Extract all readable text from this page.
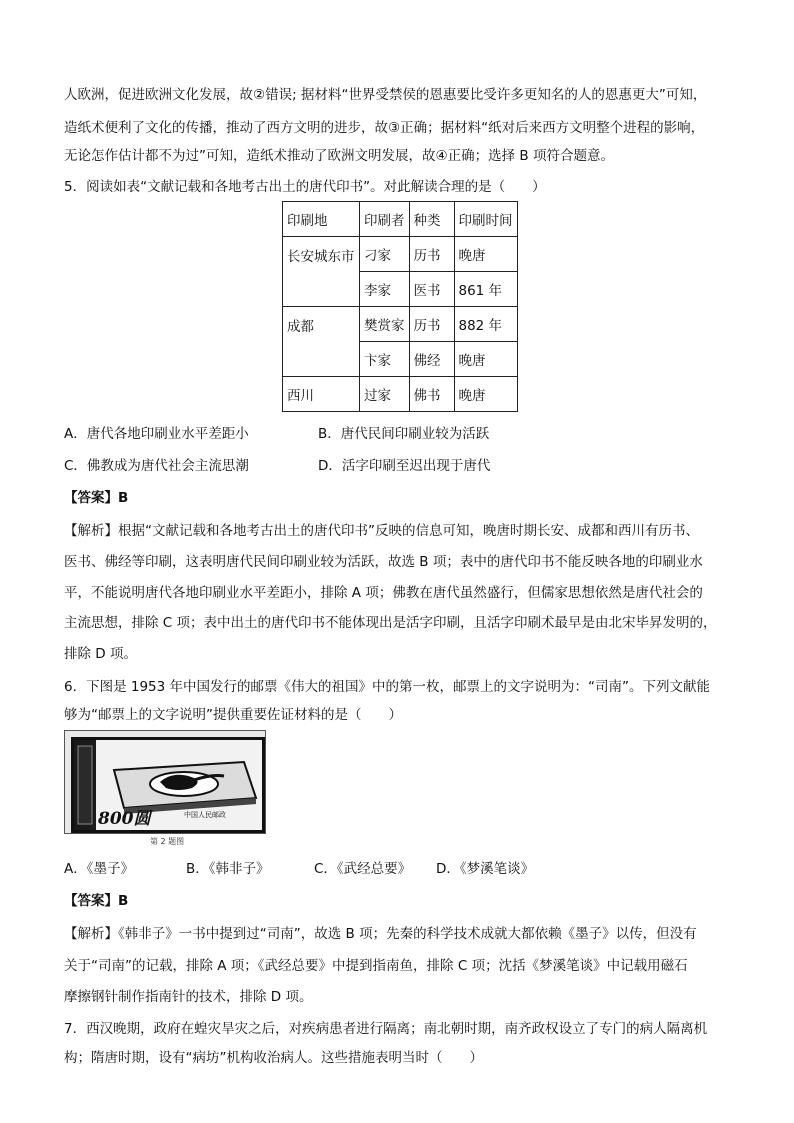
人欧洲，促进欧洲文化发展，故②错误; 据材料“世界受禁侯的恩惠要比受许多更知名的人的恩惠更大”可知，
造纸术便利了文化的传播，推动了西方文明的进步，故③正确；据材料“纸对后来西方文明整个进程的影响，
无论怎作估计都不为过”可知，造纸术推动了欧洲文明发展，故④正确；选择 B 项符合题意。
5．阅读如表“文献记载和各地考古出土的唐代印书”。对此解读合理的是（　　）
印刷地	印刷者	种类	印刷时间
长安城东市	刁家	历书	晚唐
	李家	医书	861 年
成都	樊赏家	历书	882 年
	卞家	佛经	晚唐
西川	过家	佛书	晚唐
A．唐代各地印刷业水平差距小	B．唐代民间印刷业较为活跃
C．佛教成为唐代社会主流思潮	D．活字印刷至迟出现于唐代
【答案】B
【解析】根据“文献记载和各地考古出土的唐代印书”反映的信息可知，晚唐时期长安、成都和西川有历书、
医书、佛经等印刷，这表明唐代民间印刷业较为活跃，故选 B 项；表中的唐代印书不能反映各地的印刷业水
平，不能说明唐代各地印刷业水平差距小，排除 A 项；佛教在唐代虽然盛行，但儒家思想依然是唐代社会的
主流思想，排除 C 项；表中出土的唐代印书不能体现出是活字印刷，且活字印刷术最早是由北宋毕昇发明的，
排除 D 项。
6．下图是 1953 年中国发行的邮票《伟大的祖国》中的第一枚，邮票上的文字说明为：“司南”。下列文献能
够为“邮票上的文字说明”提供重要佐证材料的是（　　）
800圆	中国人民邮政
第 2 题图
A．《墨子》	B．《韩非子》	C．《武经总要》 D．《梦溪笔谈》
【答案】B
【解析】《韩非子》一书中提到过“司南”，故选 B 项；先秦的科学技术成就大都依赖《墨子》以传，但没有
关于“司南”的记载，排除 A 项；《武经总要》中提到指南鱼，排除 C 项；沈括《梦溪笔谈》中记载用磁石
摩擦钢针制作指南针的技术，排除 D 项。
7．西汉晚期，政府在蝗灾旱灾之后，对疾病患者进行隔离；南北朝时期，南齐政权设立了专门的病人隔离机
构；隋唐时期，设有“病坊”机构收治病人。这些措施表明当时（　　）
